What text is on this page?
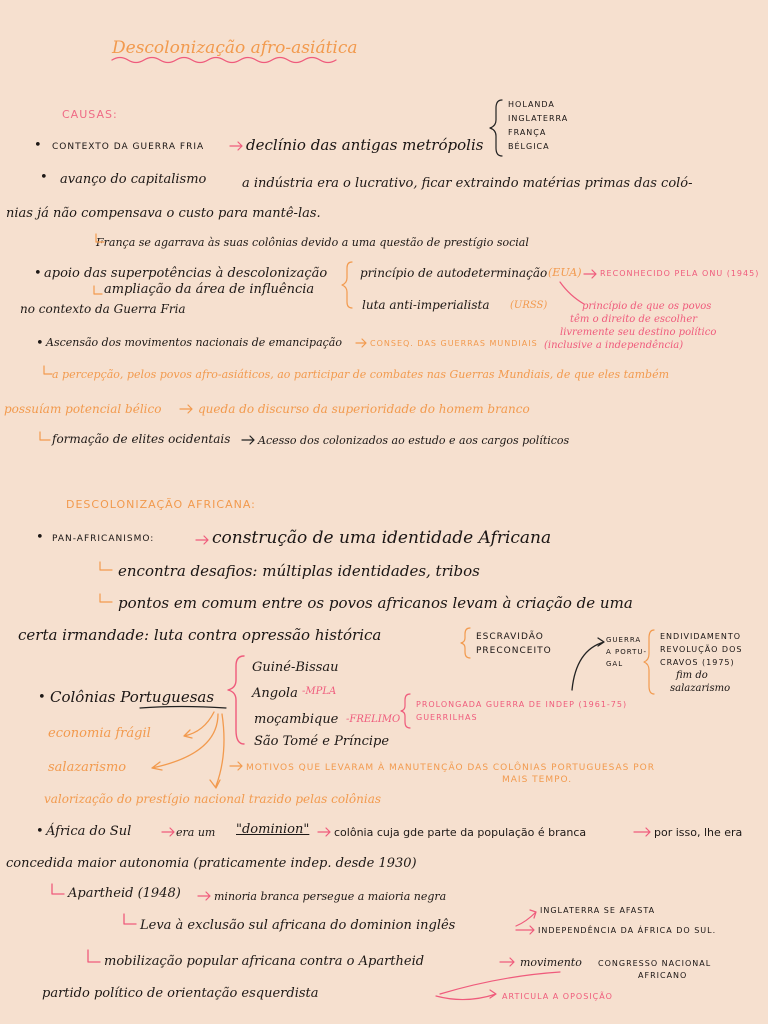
Descolonização afro-asiática
CAUSAS:
HOLANDA
INGLATERRA
FRANÇA
BÉLGICA
• CONTEXTO DA GUERRA FRIA	declínio das antigas metrópolis
• avanço do capitalismo	a indústria era o lucrativo, ficar extraindo matérias primas das coló-
nias já não compensava o custo para mantê-las.
França se agarrava às suas colônias devido a uma questão de prestígio social
• apoio das superpotências à descolonização
ampliação da área de influência
no contexto da Guerra Fria
princípio de autodeterminação (EUA) RECONHECIDO PELA ONU (1945)
luta anti-imperialista (URSS)	princípio de que os povos
têm o direito de escolher
livremente seu destino político
(inclusive a independência)
• Ascensão dos movimentos nacionais de emancipação	CONSEQ. DAS GUERRAS MUNDIAIS
a percepção, pelos povos afro-asiáticos, ao participar de combates nas Guerras Mundiais, de que eles também
possuíam potencial bélico	queda do discurso da superioridade do homem branco
formação de elites ocidentais	Acesso dos colonizados ao estudo e aos cargos políticos
DESCOLONIZAÇÃO AFRICANA:
• PAN-AFRICANISMO:	construção de uma identidade Africana
encontra desafios: múltiplas identidades, tribos
pontos em comum entre os povos africanos levam à criação de uma
certa irmandade: luta contra opressão histórica	ESCRAVIDÃO
PRECONCEITO
GUERRA
A PORTU-
GAL
ENDIVIDAMENTO
REVOLUÇÃO DOS
CRAVOS (1975)
fim do
salazarismo
• Colônias Portuguesas
Guiné-Bissau
Angola -MPLA
moçambique -FRELIMO
São Tomé e Príncipe
PROLONGADA GUERRA DE INDEP (1961-75)
GUERRILHAS
economia frágil
salazarismo	MOTIVOS QUE LEVARAM À MANUTENÇÃO DAS COLÔNIAS PORTUGUESAS POR
MAIS TEMPO.
valorização do prestígio nacional trazido pelas colônias
• África do Sul	era um "dominion" colônia cuja gde parte da população é branca	por isso, lhe era
concedida maior autonomia (praticamente indep. desde 1930)
Apartheid (1948)	minoria branca persegue a maioria negra
Leva à exclusão sul africana do dominion inglês
INGLATERRA SE AFASTA
INDEPENDÊNCIA DA ÁFRICA DO SUL.
mobilização popular africana contra o Apartheid	movimento CONGRESSO NACIONAL
AFRICANO
partido político de orientação esquerdista	ARTICULA A OPOSIÇÃO
